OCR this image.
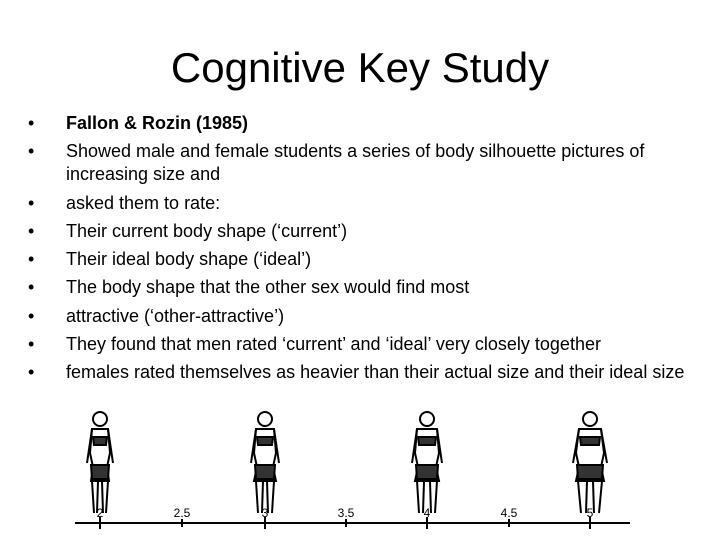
Cognitive Key Study
• Fallon & Rozin (1985)
• Showed male and female students a series of body silhouette pictures of increasing size and
• asked them to rate:
• Their current body shape (‘current’)
• Their ideal body shape (‘ideal’)
• The body shape that the other sex would find most
• attractive (‘other-attractive’)
• They found that men rated ‘current’ and ‘ideal’ very closely together
• females rated themselves as heavier than their actual size and their ideal size
2	2.5	3	3.5	4	4.5	5
